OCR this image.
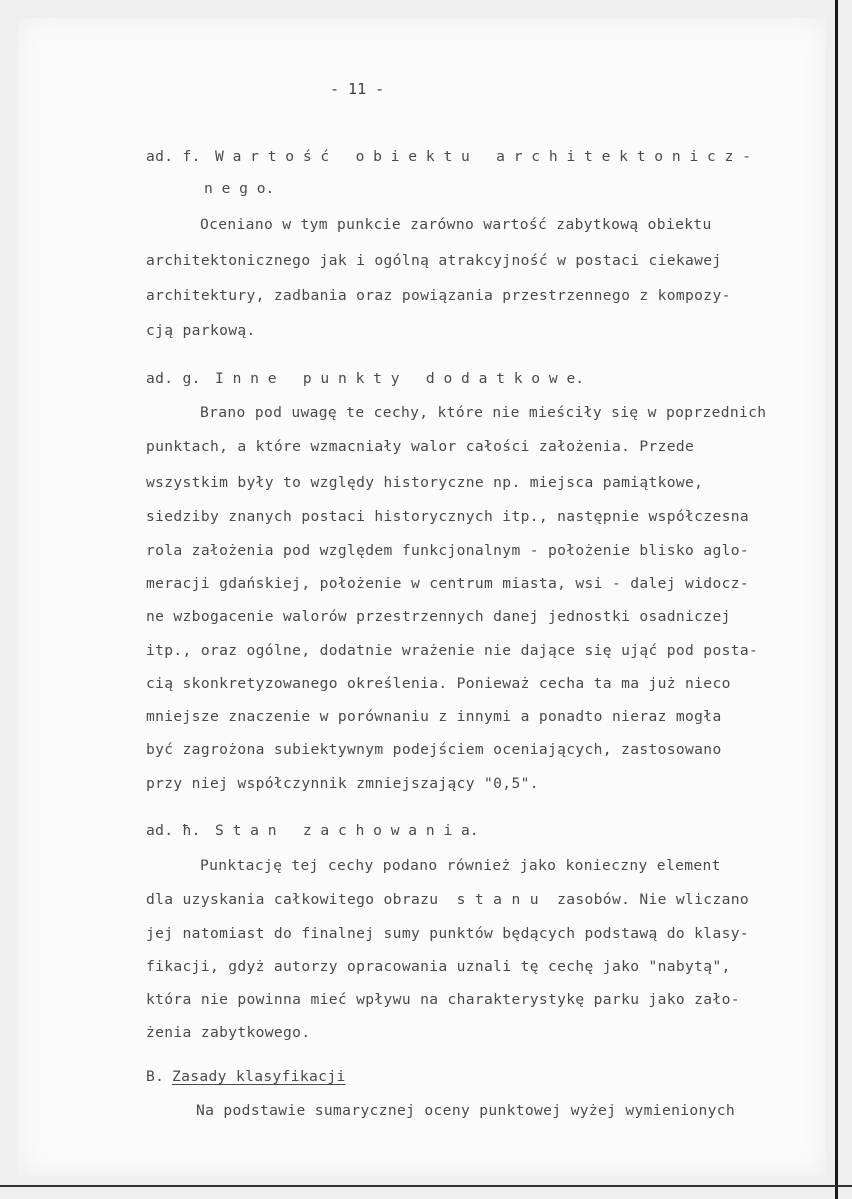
- 11 -
ad. f. W a r t o ś ć   o b i e k t u   a r c h i t e k t o n i c z -
n e g o.
Oceniano w tym punkcie zarówno wartość zabytkową obiektu
architektonicznego jak i ogólną atrakcyjność w postaci ciekawej
architektury, zadbania oraz powiązania przestrzennego z kompozy-
cją parkową.
ad. g. I n n e   p u n k t y   d o d a t k o w e.
Brano pod uwagę te cechy, które nie mieściły się w poprzednich
punktach, a które wzmacniały walor całości założenia. Przede
wszystkim były to względy historyczne np. miejsca pamiątkowe,
siedziby znanych postaci historycznych itp., następnie współczesna
rola założenia pod względem funkcjonalnym - położenie blisko aglo-
meracji gdańskiej, położenie w centrum miasta, wsi - dalej widocz-
ne wzbogacenie walorów przestrzennych danej jednostki osadniczej
itp., oraz ogólne, dodatnie wrażenie nie dające się ująć pod posta-
cią skonkretyzowanego określenia. Ponieważ cecha ta ma już nieco
mniejsze znaczenie w porównaniu z innymi a ponadto nieraz mogła
być zagrożona subiektywnym podejściem oceniających, zastosowano
przy niej współczynnik zmniejszający "0,5".
ad. ħ. S t a n   z a c h o w a n i a.
Punktację tej cechy podano również jako konieczny element
dla uzyskania całkowitego obrazu  s t a n u  zasobów. Nie wliczano
jej natomiast do finalnej sumy punktów będących podstawą do klasy-
fikacji, gdyż autorzy opracowania uznali tę cechę jako "nabytą",
która nie powinna mieć wpływu na charakterystykę parku jako zało-
żenia zabytkowego.
B. Zasady klasyfikacji
Na podstawie sumarycznej oceny punktowej wyżej wymienionych
